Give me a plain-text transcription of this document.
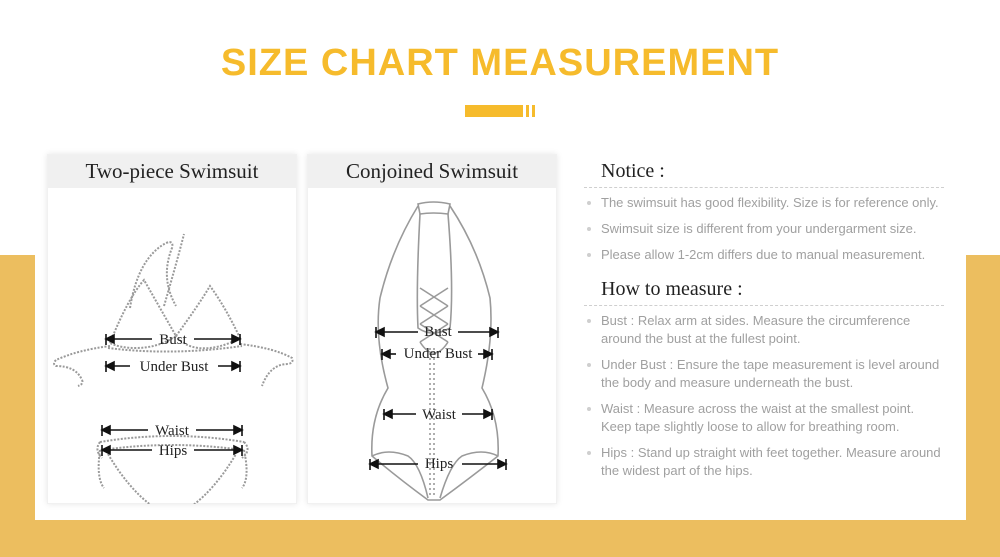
SIZE CHART MEASUREMENT
Two-piece Swimsuit
Bust
Under Bust
Waist
Hips
Conjoined Swimsuit
Bust
Under Bust
Waist
Hips
Notice :
The swimsuit has good flexibility. Size is for reference only.
Swimsuit size is different from your undergarment size.
Please allow 1-2cm differs due to manual measurement.
How to measure :
Bust : Relax arm at sides. Measure the circumference
around the bust at the fullest point.
Under Bust : Ensure the tape measurement is level around
the body and measure underneath the bust.
Waist : Measure across the waist at the smallest point.
Keep tape slightly loose to allow for breathing room.
Hips : Stand up straight with feet together. Measure around
the widest part of the hips.
